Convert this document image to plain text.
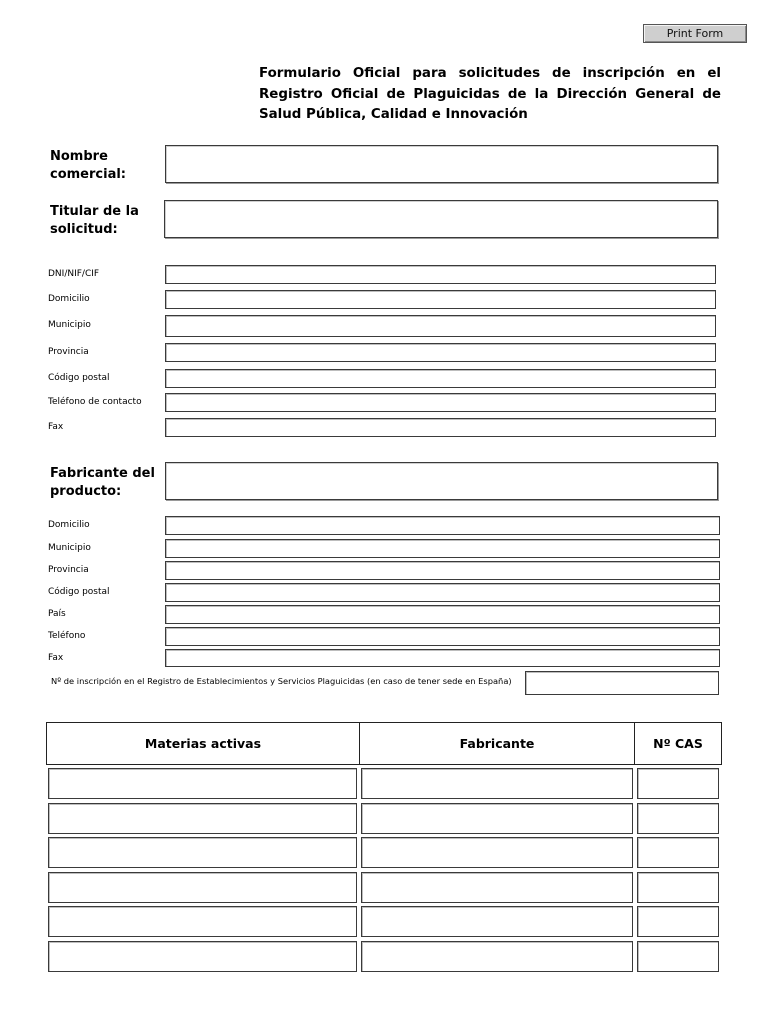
Print Form
Formulario Oficial para solicitudes de inscripción en el Registro Oficial de Plaguicidas de la Dirección General de Salud Pública, Calidad e Innovación
Nombre comercial:
Titular de la solicitud:
DNI/NIF/CIF
Domicilio
Municipio
Provincia
Código postal
Teléfono de contacto
Fax
Fabricante del producto:
Domicilio
Municipio
Provincia
Código postal
País
Teléfono
Fax
Nº de inscripción en el Registro de Establecimientos y Servicios Plaguicidas (en caso de tener sede en España)
Materias activas	Fabricante	Nº CAS
